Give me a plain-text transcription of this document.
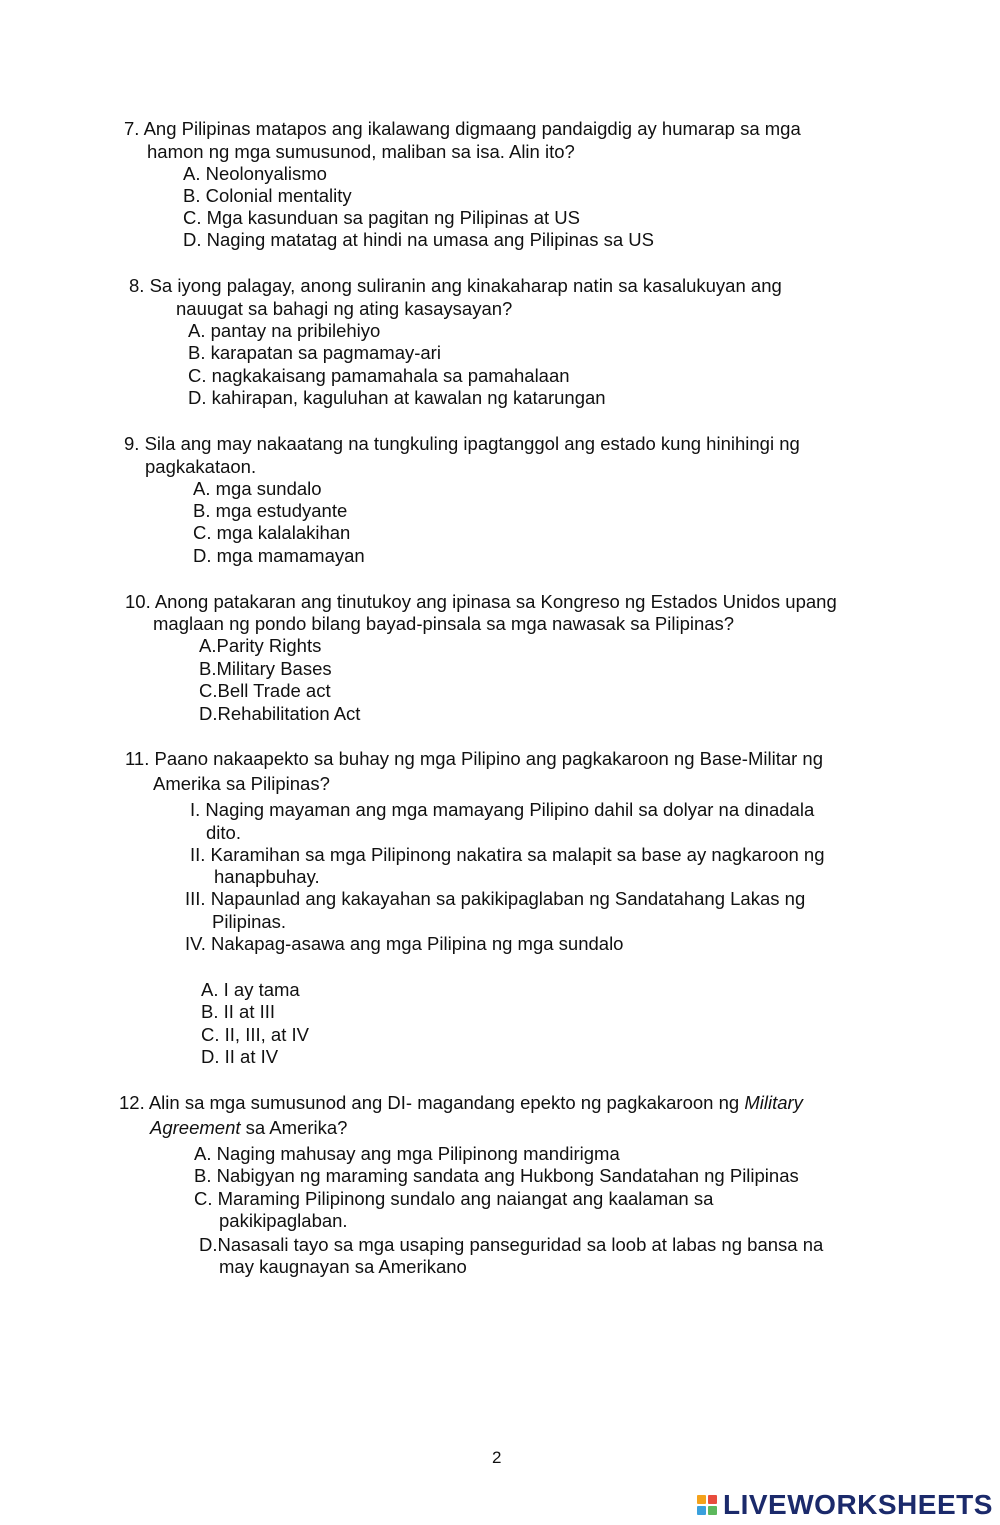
7. Ang Pilipinas matapos ang ikalawang digmaang pandaigdig ay humarap sa mga
hamon ng mga sumusunod, maliban sa isa. Alin ito?
A. Neolonyalismo
B. Colonial mentality
C. Mga kasunduan sa pagitan ng Pilipinas at US
D. Naging matatag at hindi na umasa ang Pilipinas sa US
8. Sa iyong palagay, anong suliranin ang kinakaharap natin sa kasalukuyan ang
nauugat sa bahagi ng ating kasaysayan?
A. pantay na pribilehiyo
B. karapatan sa pagmamay-ari
C. nagkakaisang pamamahala sa pamahalaan
D. kahirapan, kaguluhan at kawalan ng katarungan
9. Sila ang may nakaatang na tungkuling ipagtanggol ang estado kung hinihingi ng
pagkakataon.
A. mga sundalo
B. mga estudyante
C. mga kalalakihan
D. mga mamamayan
10. Anong patakaran ang tinutukoy ang ipinasa sa Kongreso ng Estados Unidos upang
maglaan ng pondo bilang bayad-pinsala sa mga nawasak sa Pilipinas?
A.Parity Rights
B.Military Bases
C.Bell Trade act
D.Rehabilitation Act
11. Paano nakaapekto sa buhay ng mga Pilipino ang pagkakaroon ng Base-Militar ng
Amerika sa Pilipinas?
I. Naging mayaman ang mga mamayang Pilipino dahil sa dolyar na dinadala
dito.
II. Karamihan sa mga Pilipinong nakatira sa malapit sa base ay nagkaroon ng
hanapbuhay.
III. Napaunlad ang kakayahan sa pakikipaglaban ng Sandatahang Lakas ng
Pilipinas.
IV. Nakapag-asawa ang mga Pilipina ng mga sundalo
A. I ay tama
B. II at III
C. II, III, at IV
D. II at IV
12. Alin sa mga sumusunod ang DI- magandang epekto ng pagkakaroon ng Military
Agreement sa Amerika?
A. Naging mahusay ang mga Pilipinong mandirigma
B. Nabigyan ng maraming sandata ang Hukbong Sandatahan ng Pilipinas
C. Maraming Pilipinong sundalo ang naiangat ang kaalaman sa
pakikipaglaban.
D.Nasasali tayo sa mga usaping panseguridad sa loob at labas ng bansa na
may kaugnayan sa Amerikano
2
LIVEWORKSHEETS
